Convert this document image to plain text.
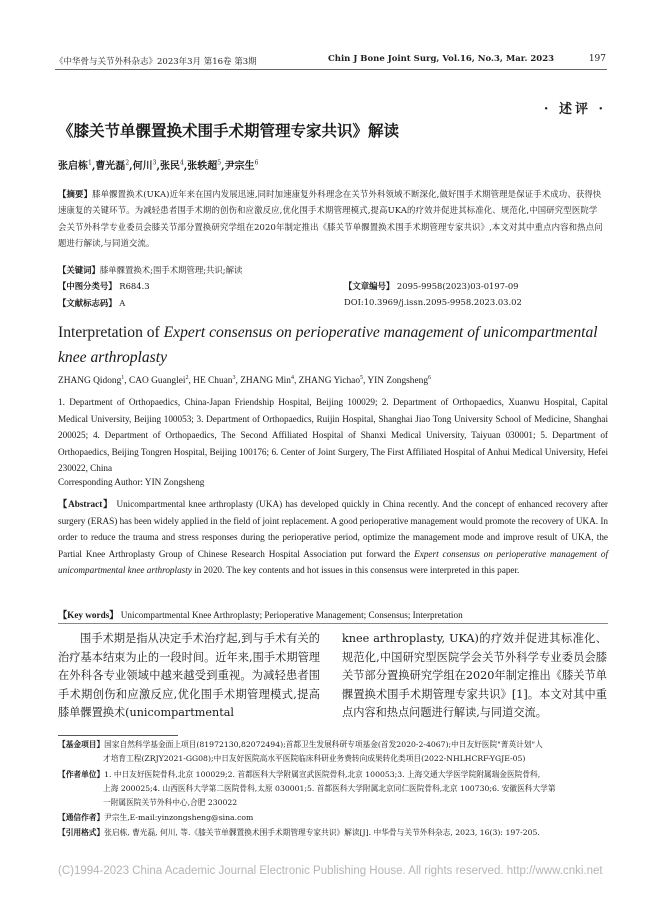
《中华骨与关节外科杂志》2023年3月 第16卷 第3期	Chin J Bone Joint Surg, Vol.16, No.3, Mar. 2023	197
· 述评 ·
《膝关节单髁置换术围手术期管理专家共识》解读
张启栋$^1$,曹光磊$^2$,何川$^3$,张民$^4$,张轶超$^5$,尹宗生$^6$
【摘要】膝单髁置换术(UKA)近年来在国内发展迅速,同时加速康复外科理念在关节外科领域不断深化,做好围手术期管理是保证手术成功、获得快速康复的关键环节。为减轻患者围手术期的创伤和应激反应,优化围手术期管理模式,提高UKA的疗效并促进其标准化、规范化,中国研究型医院学会关节外科学专业委员会膝关节部分置换研究学组在2020年制定推出《膝关节单髁置换术围手术期管理专家共识》,本文对其中重点内容和热点问题进行解读,与同道交流。
【关键词】膝单髁置换术;围手术期管理;共识;解读
【中图分类号】 R684.3
【文献标志码】 A
【文章编号】 2095-9958(2023)03-0197-09
DOI:10.3969/j.issn.2095-9958.2023.03.02
Interpretation of Expert consensus on perioperative management of unicompartmental knee arthroplasty
ZHANG Qidong$^1$, CAO Guanglei$^2$, HE Chuan$^3$, ZHANG Min$^4$, ZHANG Yichao$^5$, YIN Zongsheng$^6$
1. Department of Orthopaedics, China-Japan Friendship Hospital, Beijing 100029; 2. Department of Orthopaedics, Xuanwu Hospital, Capital Medical University, Beijing 100053; 3. Department of Orthopaedics, Ruijin Hospital, Shanghai Jiao Tong University School of Medicine, Shanghai 200025; 4. Department of Orthopaedics, The Second Affiliated Hospital of Shanxi Medical University, Taiyuan 030001; 5. Department of Orthopaedics, Beijing Tongren Hospital, Beijing 100176; 6. Center of Joint Surgery, The First Affiliated Hospital of Anhui Medical University, Hefei 230022, China
Corresponding Author: YIN Zongsheng
【Abstract】 Unicompartmental knee arthroplasty (UKA) has developed quickly in China recently. And the concept of enhanced recovery after surgery (ERAS) has been widely applied in the field of joint replacement. A good perioperative management would promote the recovery of UKA. In order to reduce the trauma and stress responses during the perioperative period, optimize the management mode and improve result of UKA, the Partial Knee Arthroplasty Group of Chinese Research Hospital Association put forward the Expert consensus on perioperative management of unicompartmental knee arthroplasty in 2020. The key contents and hot issues in this consensus were interpreted in this paper.
【Key words】 Unicompartmental Knee Arthroplasty; Perioperative Management; Consensus; Interpretation
围手术期是指从决定手术治疗起,到与手术有关的治疗基本结束为止的一段时间。近年来,围手术期管理在外科各专业领域中越来越受到重视。为减轻患者围手术期创伤和应激反应,优化围手术期管理模式,提高膝单髁置换术(unicompartmental
knee arthroplasty, UKA)的疗效并促进其标准化、规范化,中国研究型医院学会关节外科学专业委员会膝关节部分置换研究学组在2020年制定推出《膝关节单髁置换术围手术期管理专家共识》[1]。本文对其中重点内容和热点问题进行解读,与同道交流。
【基金项目】国家自然科学基金面上项目(81972130,82072494);首都卫生发展科研专项基金(首发2020-2-4067);中日友好医院"菁英计划"人
才培育工程(ZRJY2021-GG08);中日友好医院高水平医院临床科研业务费转向成果转化类项目(2022-NHLHCRF-YGJE-05)
【作者单位】1. 中日友好医院骨科,北京 100029;2. 首都医科大学附属宣武医院骨科,北京 100053;3. 上海交通大学医学院附属瑞金医院骨科,
上海 200025;4. 山西医科大学第二医院骨科,太原 030001;5. 首都医科大学附属北京同仁医院骨科,北京 100730;6. 安徽医科大学第
一附属医院关节外科中心,合肥 230022
【通信作者】尹宗生,E-mail:yinzongsheng@sina.com
【引用格式】张启栋, 曹光磊, 何川, 等.《膝关节单髁置换术围手术期管理专家共识》解读[J]. 中华骨与关节外科杂志, 2023, 16(3): 197-205.
(C)1994-2023 China Academic Journal Electronic Publishing House. All rights reserved. http://www.cnki.net
